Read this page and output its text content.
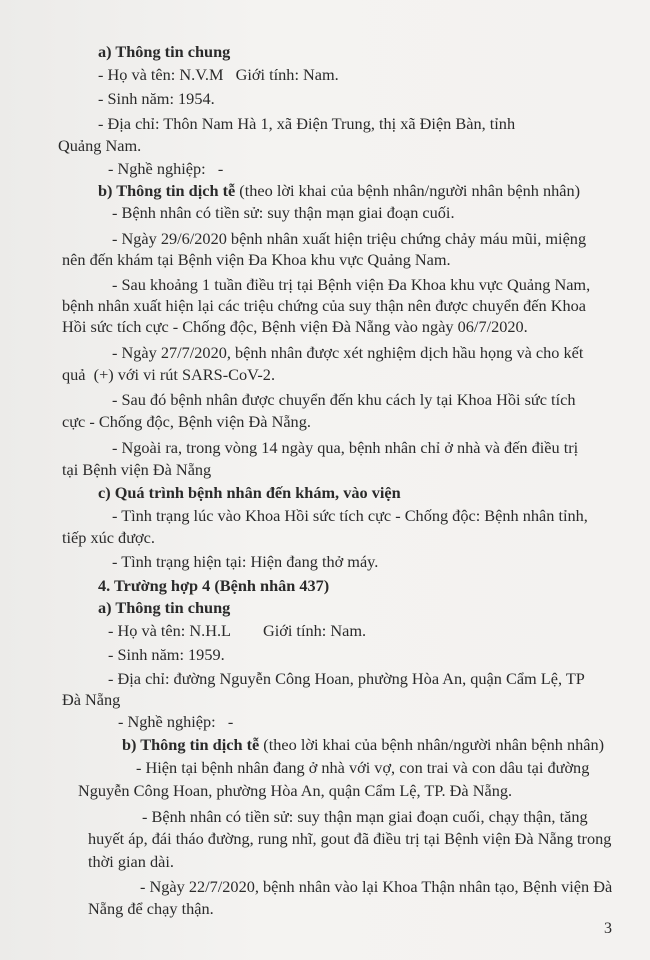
a) Thông tin chung
- Họ và tên: N.V.M   Giới tính: Nam.
- Sinh năm: 1954.
- Địa chỉ: Thôn Nam Hà 1, xã Điện Trung, thị xã Điện Bàn, tỉnh
Quảng Nam.
- Nghề nghiệp:   -
b) Thông tin dịch tễ (theo lời khai của bệnh nhân/người nhân bệnh nhân)
- Bệnh nhân có tiền sử: suy thận mạn giai đoạn cuối.
- Ngày 29/6/2020 bệnh nhân xuất hiện triệu chứng chảy máu mũi, miệng
nên đến khám tại Bệnh viện Đa Khoa khu vực Quảng Nam.
- Sau khoảng 1 tuần điều trị tại Bệnh viện Đa Khoa khu vực Quảng Nam,
bệnh nhân xuất hiện lại các triệu chứng của suy thận nên được chuyển đến Khoa
Hồi sức tích cực - Chống độc, Bệnh viện Đà Nẵng vào ngày 06/7/2020.
- Ngày 27/7/2020, bệnh nhân được xét nghiệm dịch hầu họng và cho kết
quả  (+) với vi rút SARS-CoV-2.
- Sau đó bệnh nhân được chuyển đến khu cách ly tại Khoa Hồi sức tích
cực - Chống độc, Bệnh viện Đà Nẵng.
- Ngoài ra, trong vòng 14 ngày qua, bệnh nhân chỉ ở nhà và đến điều trị
tại Bệnh viện Đà Nẵng
c) Quá trình bệnh nhân đến khám, vào viện
- Tình trạng lúc vào Khoa Hồi sức tích cực - Chống độc: Bệnh nhân tỉnh,
tiếp xúc được.
- Tình trạng hiện tại: Hiện đang thở máy.
4. Trường hợp 4 (Bệnh nhân 437)
a) Thông tin chung
- Họ và tên: N.H.L        Giới tính: Nam.
- Sinh năm: 1959.
- Địa chỉ: đường Nguyễn Công Hoan, phường Hòa An, quận Cẩm Lệ, TP
Đà Nẵng
- Nghề nghiệp:   -
b) Thông tin dịch tễ (theo lời khai của bệnh nhân/người nhân bệnh nhân)
- Hiện tại bệnh nhân đang ở nhà với vợ, con trai và con dâu tại đường
Nguyễn Công Hoan, phường Hòa An, quận Cẩm Lệ, TP. Đà Nẵng.
- Bệnh nhân có tiền sử: suy thận mạn giai đoạn cuối, chạy thận, tăng
huyết áp, đái tháo đường, rung nhĩ, gout đã điều trị tại Bệnh viện Đà Nẵng trong
thời gian dài.
- Ngày 22/7/2020, bệnh nhân vào lại Khoa Thận nhân tạo, Bệnh viện Đà
Nẵng để chạy thận.
3
